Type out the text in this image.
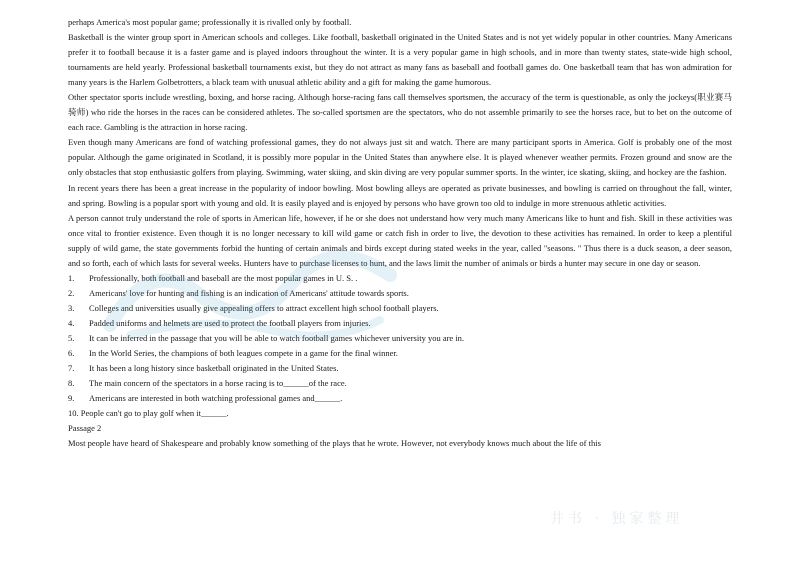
perhaps America's most popular game; professionally it is rivalled only by football.

Basketball is the winter group sport in American schools and colleges. Like football, basketball originated in the United States and is not yet widely popular in other countries. Many Americans prefer it to football because it is a faster game and is played indoors throughout the winter. It is a very popular game in high schools, and in more than twenty states, state-wide high school, tournaments are held yearly. Professional basketball tournaments exist, but they do not attract as many fans as baseball and football games do. One basketball team that has won admiration for many years is the Harlem Golbetrotters, a black team with unusual athletic ability and a gift for making the game humorous.

Other spectator sports include wrestling, boxing, and horse racing. Although horse-racing fans call themselves sportsmen, the accuracy of the term is questionable, as only the jockeys(职业赛马骑师) who ride the horses in the races can be considered athletes. The so-called sportsmen are the spectators, who do not assemble primarily to see the horses race, but to bet on the outcome of each race. Gambling is the attraction in horse racing.

Even though many Americans are fond of watching professional games, they do not always just sit and watch. There are many participant sports in America. Golf is probably one of the most popular. Although the game originated in Scotland, it is possibly more popular in the United States than anywhere else. It is played whenever weather permits. Frozen ground and snow are the only obstacles that stop enthusiastic golfers from playing. Swimming, water skiing, and skin diving are very popular summer sports. In the winter, ice skating, skiing, and hockey are the fashion.

In recent years there has been a great increase in the popularity of indoor bowling. Most bowling alleys are operated as private businesses, and bowling is carried on throughout the fall, winter, and spring. Bowling is a popular sport with young and old. It is easily played and is enjoyed by persons who have grown too old to indulge in more strenuous athletic activities.

A person cannot truly understand the role of sports in American life, however, if he or she does not understand how very much many Americans like to hunt and fish. Skill in these activities was once vital to frontier existence. Even though it is no longer necessary to kill wild game or catch fish in order to live, the devotion to these activities has remained. In order to keep a plentiful supply of wild game, the state governments forbid the hunting of certain animals and birds except during stated weeks in the year, called "seasons. " Thus there is a duck season, a deer season, and so forth, each of which lasts for several weeks. Hunters have to purchase licenses to hunt, and the laws limit the number of animals or birds a hunter may secure in one day or season.

1. Professionally, both football and baseball are the most popular games in U. S. .

2. Americans' love for hunting and fishing is an indication of Americans' attitude towards sports.

3. Colleges and universities usually give appealing offers to attract excellent high school football players.

4. Padded uniforms and helmets are used to protect the football players from injuries.

5. It can be inferred in the passage that you will be able to watch football games whichever university you are in.

6. In the World Series, the champions of both leagues compete in a game for the final winner.

7. It has been a long history since basketball originated in the United States.

8. The main concern of the spectators in a horse racing is to______of the race.

9. Americans are interested in both watching professional games and______.

10. People can't go to play golf when it______.

Passage 2

Most people have heard of Shakespeare and probably know something of the plays that he wrote. However, not everybody knows much about the life of this

井书 · 独家整理
